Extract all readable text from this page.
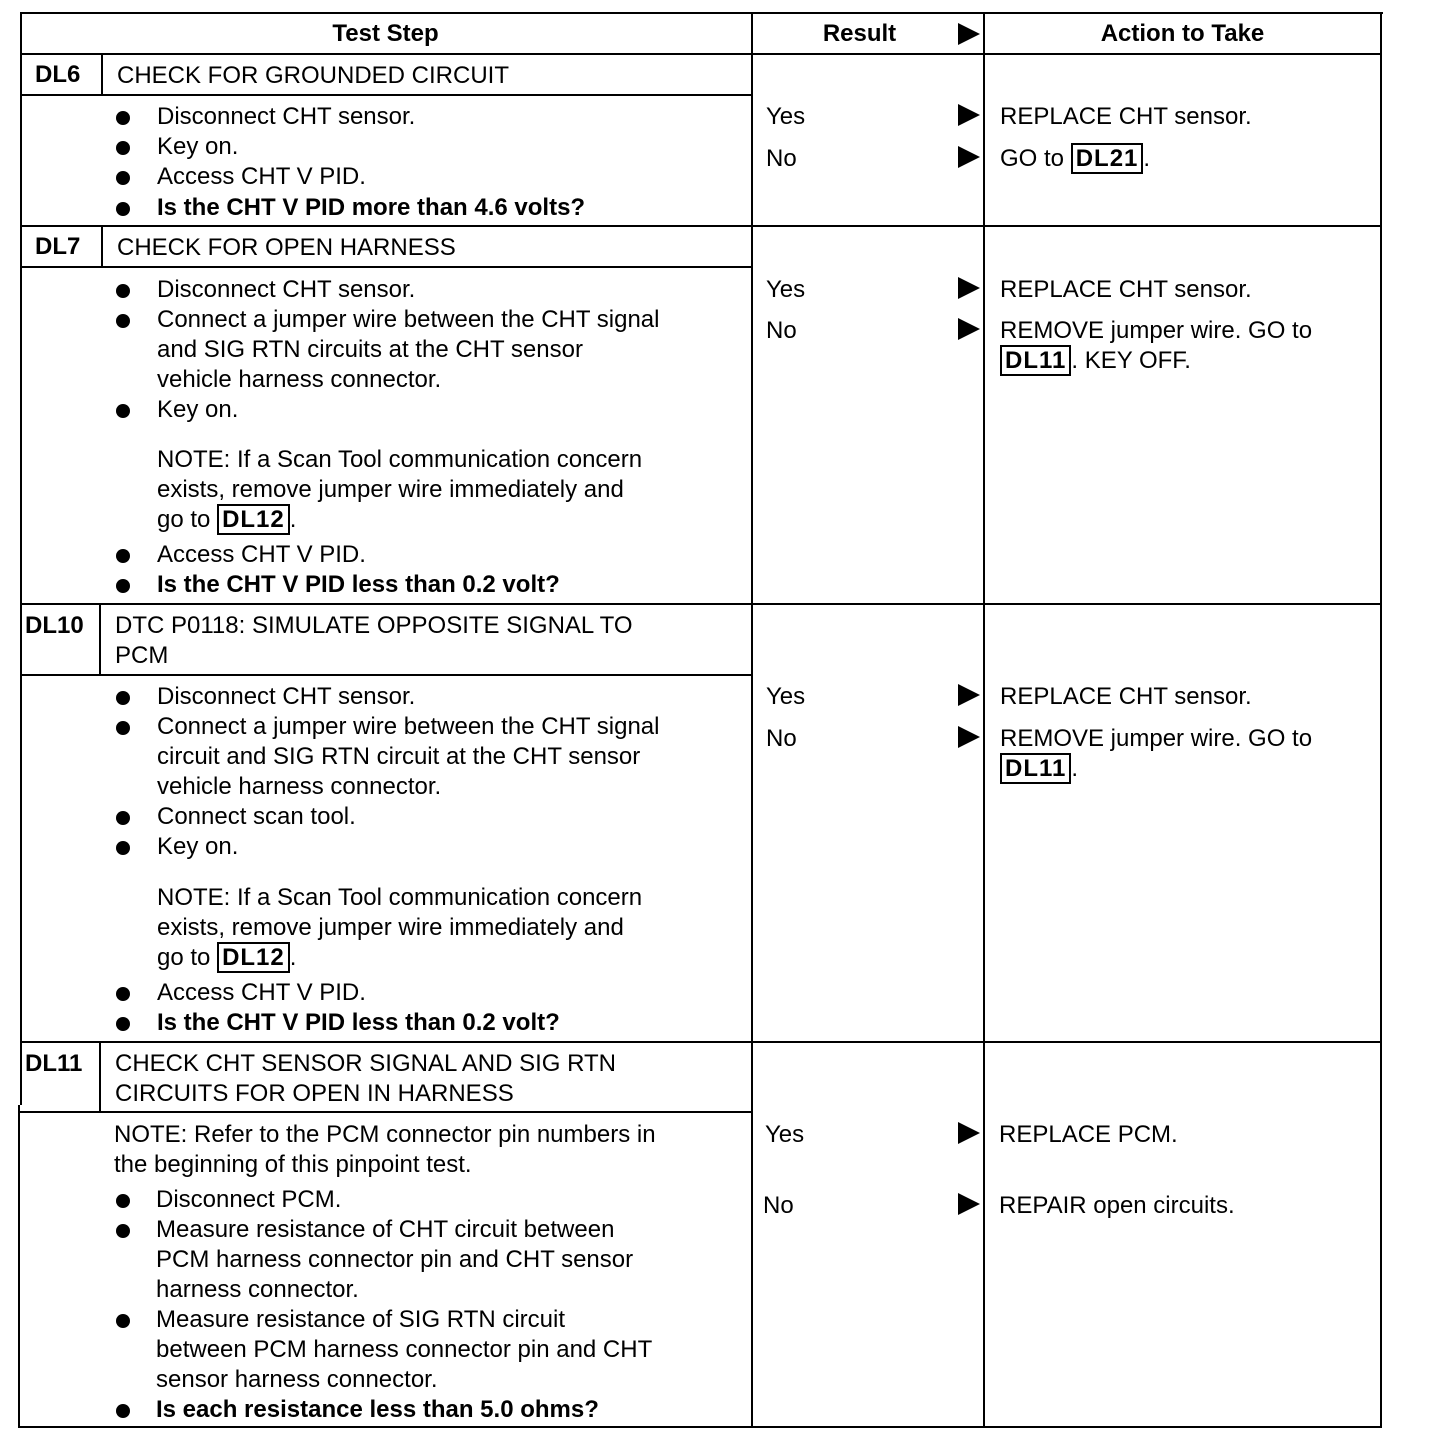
Test Step	Result	Action to Take
DL6 CHECK FOR GROUNDED CIRCUIT
Disconnect CHT sensor.
Key on.
Access CHT V PID.
Is the CHT V PID more than 4.6 volts?
Yes
No
REPLACE CHT sensor.
GO to DL21 .
DL7 CHECK FOR OPEN HARNESS
Disconnect CHT sensor.
Connect a jumper wire between the CHT signal
and SIG RTN circuits at the CHT sensor
vehicle harness connector.
Key on.
NOTE: If a Scan Tool communication concern
exists, remove jumper wire immediately and
go to DL12 .
Access CHT V PID.
Is the CHT V PID less than 0.2 volt?
Yes
No
REPLACE CHT sensor.
REMOVE jumper wire. GO to
DL11 . KEY OFF.
DL10 DTC P0118: SIMULATE OPPOSITE SIGNAL TO
PCM
Disconnect CHT sensor.
Connect a jumper wire between the CHT signal
circuit and SIG RTN circuit at the CHT sensor
vehicle harness connector.
Connect scan tool.
Key on.
NOTE: If a Scan Tool communication concern
exists, remove jumper wire immediately and
go to DL12 .
Access CHT V PID.
Is the CHT V PID less than 0.2 volt?
Yes
No
REPLACE CHT sensor.
REMOVE jumper wire. GO to
DL11 .
DL11 CHECK CHT SENSOR SIGNAL AND SIG RTN
CIRCUITS FOR OPEN IN HARNESS
NOTE: Refer to the PCM connector pin numbers in
the beginning of this pinpoint test.
Disconnect PCM.
Measure resistance of CHT circuit between
PCM harness connector pin and CHT sensor
harness connector.
Measure resistance of SIG RTN circuit
between PCM harness connector pin and CHT
sensor harness connector.
Is each resistance less than 5.0 ohms?
Yes
No
REPLACE PCM.
REPAIR open circuits.
